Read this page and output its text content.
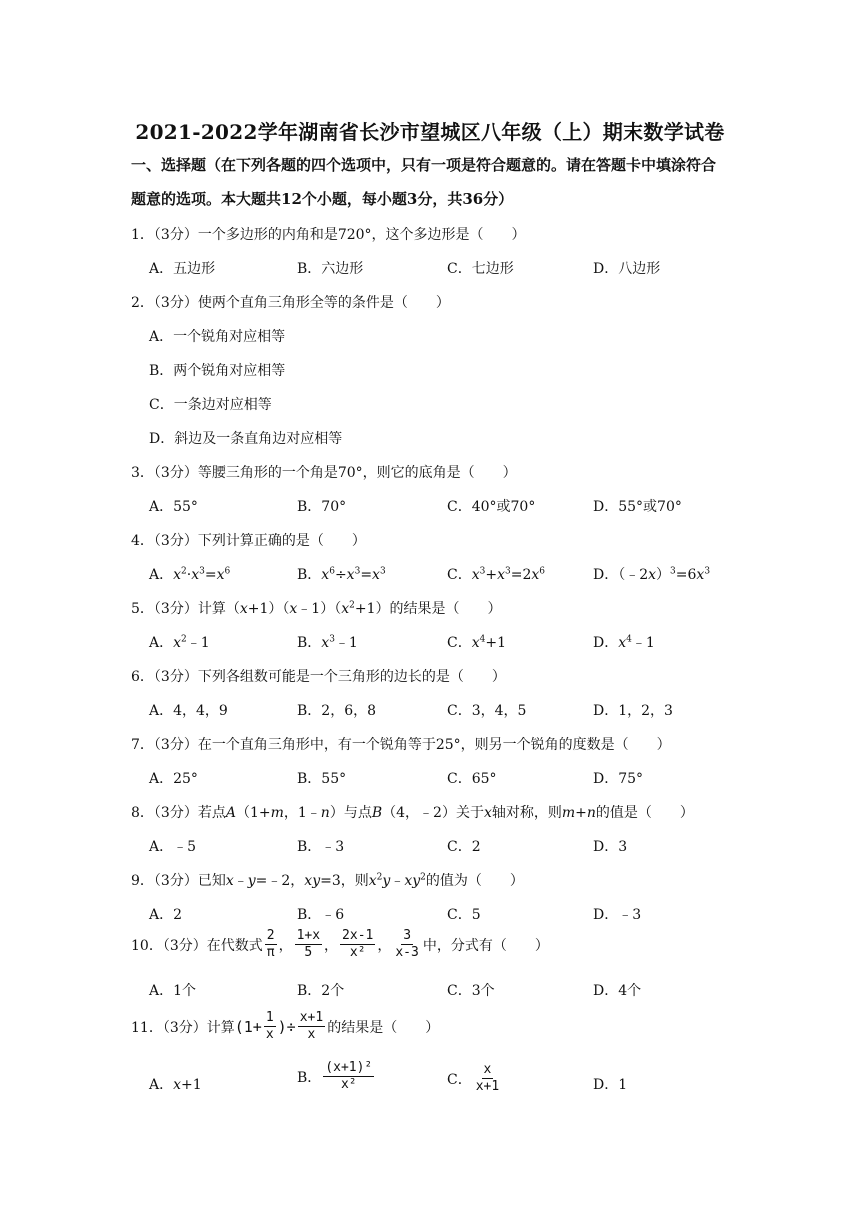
2021-2022学年湖南省长沙市望城区八年级（上）期末数学试卷
一、选择题（在下列各题的四个选项中，只有一项是符合题意的。请在答题卡中填涂符合
题意的选项。本大题共12个小题，每小题3分，共36分）
1．（3分）一个多边形的内角和是720°，这个多边形是（　　）
A．五边形	B．六边形	C．七边形	D．八边形
2．（3分）使两个直角三角形全等的条件是（　　）
A．一个锐角对应相等
B．两个锐角对应相等
C．一条边对应相等
D．斜边及一条直角边对应相等
3．（3分）等腰三角形的一个角是70°，则它的底角是（　　）
A．55°	B．70°	C．40°或70°	D．55°或70°
4．（3分）下列计算正确的是（　　）
A．$x^2\cdot x^3=x^6$	B．$x^6\div x^3=x^3$	C．$x^3+x^3=2x^6$	D．$(﹣2x)^3=6x^3$
5．（3分）计算$(x+1)(x﹣1)(x^2+1)$的结果是（　　）
A．$x^2﹣1$	B．$x^3﹣1$	C．$x^4+1$	D．$x^4﹣1$
6．（3分）下列各组数可能是一个三角形的边长的是（　　）
A．4，4，9	B．2，6，8	C．3，4，5	D．1，2，3
7．（3分）在一个直角三角形中，有一个锐角等于25°，则另一个锐角的度数是（　　）
A．25°	B．55°	C．65°	D．75°
8．（3分）若点A（1+m，1﹣n）与点B（4，﹣2）关于x轴对称，则m+n的值是（　　）
A．﹣5	B．﹣3	C．2	D．3
9．（3分）已知x﹣y=﹣2，xy=3，则$x^2y﹣xy^2$的值为（　　）
A．2	B．﹣6	C．5	D．﹣3
10．（3分）在代数式 $\frac{2}{\pi}$ ， $\frac{1+x}{5}$ ， $\frac{2x-1}{\text{x²}}$ ， $\frac{3}{x-3}$ 中，分式有（　　）
A．1个	B．2个	C．3个	D．4个
11．（3分）计算 ($1+ \frac{1}{x}$ )÷ $\frac{x+1}{x}$ 的结果是（　　）
A．x+1	B． $\frac{\text{(x+1)²}}{\text{x²}}$	C． $\frac{x}{x+1}$	D．1
